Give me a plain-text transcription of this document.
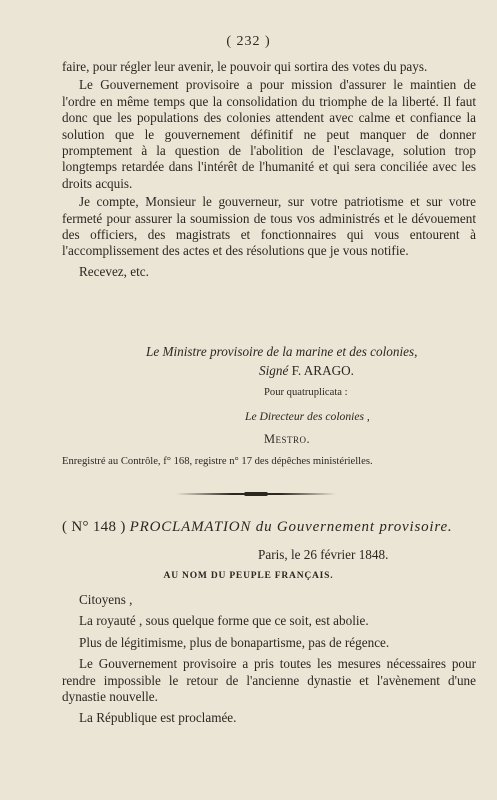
( 232 )

faire, pour régler leur avenir, le pouvoir qui sortira des votes du pays.

Le Gouvernement provisoire a pour mission d'assurer le maintien de l'ordre en même temps que la consolidation du triomphe de la liberté. Il faut donc que les populations des colonies attendent avec calme et confiance la solution que le gouvernement définitif ne peut manquer de donner promptement à la question de l'abolition de l'esclavage, solution trop longtemps retardée dans l'intérêt de l'humanité et qui sera conciliée avec les droits acquis.

Je compte, Monsieur le gouverneur, sur votre patriotisme et sur votre fermeté pour assurer la soumission de tous vos administrés et le dévouement des officiers, des magistrats et fonctionnaires qui vous entourent à l'accomplissement des actes et des résolutions que je vous notifie.

Recevez, etc.

Le Ministre provisoire de la marine et des colonies,
Signé F. ARAGO.
Pour quatruplicata :
Le Directeur des colonies ,
Mestro.
Enregistré au Contrôle, f° 168, registre n° 17 des dépêches ministérielles.
( N° 148 ) PROCLAMATION du Gouvernement provisoire.
Paris, le 26 février 1848.
AU NOM DU PEUPLE FRANÇAIS.

Citoyens ,

La royauté , sous quelque forme que ce soit, est abolie.

Plus de légitimisme, plus de bonapartisme, pas de régence.

Le Gouvernement provisoire a pris toutes les mesures nécessaires pour rendre impossible le retour de l'ancienne dynastie et l'avènement d'une dynastie nouvelle.

La République est proclamée.
